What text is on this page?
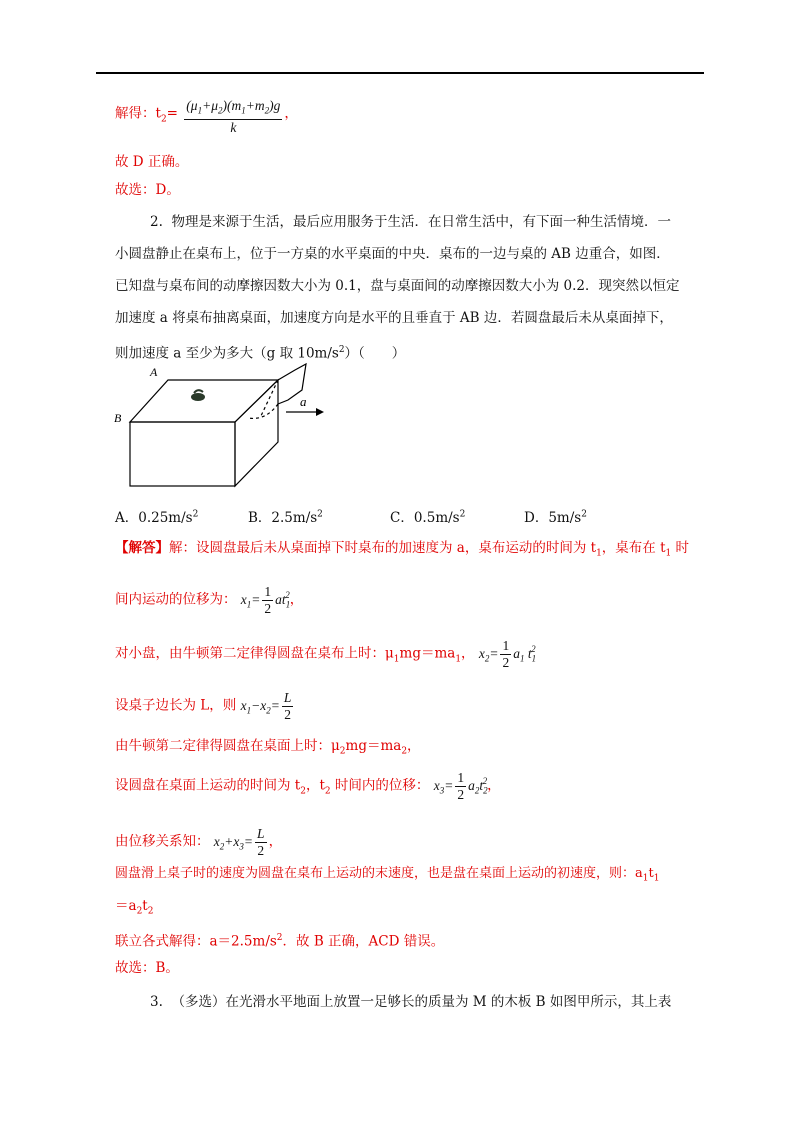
解得：$t_2= \frac{(\mu_1+\mu_2)(m_1+m_2)g}{k}$ ，
故 D 正确。
故选：D。
2. 物理是来源于生活，最后应用服务于生活．在日常生活中，有下面一种生活情境．一
小圆盘静止在桌布上，位于一方桌的水平桌面的中央．桌布的一边与桌的 AB 边重合，如图．
已知盘与桌布间的动摩擦因数大小为 0.1，盘与桌面间的动摩擦因数大小为 0.2．现突然以恒定
加速度 a 将桌布抽离桌面，加速度方向是水平的且垂直于 AB 边．若圆盘最后未从桌面掉下，
则加速度 a 至少为多大（g 取 $10m/s^2$）（　　）
A
B
a
A．$0.25m/s^2$	B．$2.5m/s^2$	C．$0.5m/s^2$	D．$5m/s^2$
【解答】解：设圆盘最后未从桌面掉下时桌布的加速度为 a，桌布运动的时间为 $t_1$，桌布在 $t_1$ 时
间内运动的位移为： $x_1= \frac{1}{2} at_1^2$，
对小盘，由牛顿第二定律得圆盘在桌布上时：$\mu_1mg=ma_1$， $x_2= \frac{1}{2} a_1$ $t_1^2$
设桌子边长为 L，则 $x_1-x_2= \frac{L}{2}$
由牛顿第二定律得圆盘在桌面上时：$\mu_2mg=ma_2$，
设圆盘在桌面上运动的时间为 $t_2$，$t_2$ 时间内的位移： $x_3= \frac{1}{2} a_2t_2^2$，
由位移关系知： $x_2+x_3= \frac{L}{2}$ ，
圆盘滑上桌子时的速度为圆盘在桌布上运动的末速度，也是盘在桌面上运动的初速度，则：$a_1t_1$
$=a_2t_2$
联立各式解得：$a=2.5m/s^2$．故 B 正确，ACD 错误。
故选：B。
3. （多选）在光滑水平地面上放置一足够长的质量为 M 的木板 B 如图甲所示，其上表
